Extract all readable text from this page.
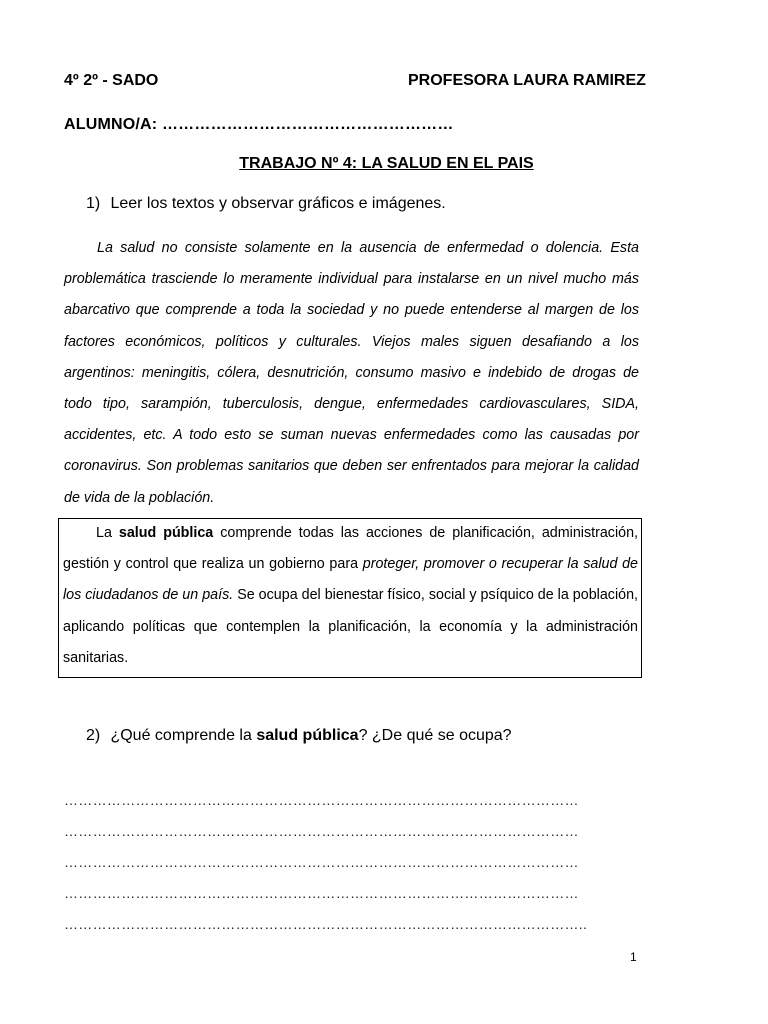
4º 2º - SADO	PROFESORA LAURA RAMIREZ
ALUMNO/A: ………………………………………………
TRABAJO Nº 4: LA SALUD EN EL PAIS
1) Leer los textos y observar gráficos e imágenes.
La salud no consiste solamente en la ausencia de enfermedad o dolencia. Esta problemática trasciende lo meramente individual para instalarse en un nivel mucho más abarcativo que comprende a toda la sociedad y no puede entenderse al margen de los factores económicos, políticos y culturales. Viejos males siguen desafiando a los argentinos: meningitis, cólera, desnutrición, consumo masivo e indebido de drogas de todo tipo, sarampión, tuberculosis, dengue, enfermedades cardiovasculares, SIDA, accidentes, etc. A todo esto se suman nuevas enfermedades como las causadas por coronavirus. Son problemas sanitarios que deben ser enfrentados para mejorar la calidad de vida de la población.
La salud pública comprende todas las acciones de planificación, administración, gestión y control que realiza un gobierno para proteger, promover o recuperar la salud de los ciudadanos de un país. Se ocupa del bienestar físico, social y psíquico de la población, aplicando políticas que contemplen la planificación, la economía y la administración sanitarias.
2) ¿Qué comprende la salud pública? ¿De qué se ocupa?
………………………………………………………………………………………………
………………………………………………………………………………………………
………………………………………………………………………………………………
………………………………………………………………………………………………
………………………………………………………………………………………………..
1
